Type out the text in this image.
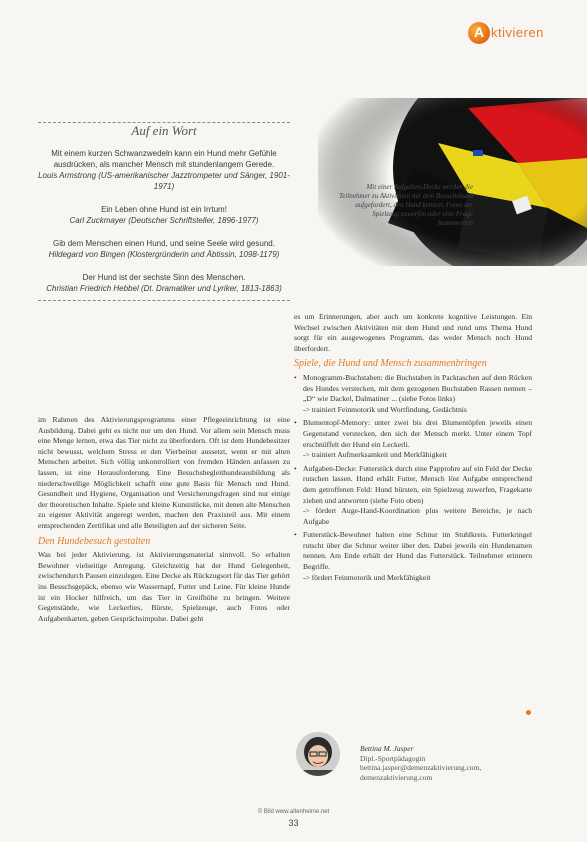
A ktivieren
Auf ein Wort
Mit einem kurzen Schwanzwedeln kann ein Hund mehr Gefühle ausdrücken, als mancher Mensch mit stundenlangem Gerede.
Louis Armstrong (US-amerikanischer Jazztrompeter und Sänger, 1901-1971)
Ein Leben ohne Hund ist ein Irrtum!
Carl Zuckmayer (Deutscher Schriftsteller, 1896-1977)
Gib dem Menschen einen Hund, und seine Seele wird gesund.
Hildegard von Bingen (Klostergründerin und Äbtissin, 1098-1179)
Der Hund ist der sechste Sinn des Menschen.
Christian Friedrich Hebbel (Dt. Dramatiker und Lyriker, 1813-1863)
Mit einer Aufgaben-Decke werden die Teilnehmer zu Aktivitäten mit dem Besuchshund aufgefordert, den Hund kennen, Fotos der Spielzeug zuwerfen oder eine Frage beantworten
im Rahmen des Aktivierungsprogramms einer Pflegeeinrichtung ist eine Ausbildung. Dabei geht es nicht nur um den Hund. Vor allem sein Mensch muss eine Menge lernen, etwa das Tier nicht zu überfordern. Oft ist dem Hundebesitzer nicht bewusst, welchem Stress er den Vierbeiner aussetzt, wenn er mit alten Menschen arbeitet. Sich völlig unkontrolliert von fremden Händen anfassen zu lassen, ist eine Herausforderung. Eine Besuchsbegleithundeausbildung als niederschwellige Möglichkeit schafft eine gute Basis für Mensch und Hund. Gesundheit und Hygiene, Organisation und Versicherungsfragen sind nur einige der theoretischen Inhalte. Spiele und kleine Kunststücke, mit denen alte Menschen zu eigener Aktivität angeregt werden, machen den Praxisteil aus. Mit einem entsprechenden Zertifikat und alle Beteiligten auf der sicheren Seite.
Den Hundebesuch gestalten
Was bei jeder Aktivierung, ist Aktivierungsmaterial sinnvoll. So erhalten Bewohner vielseitige Anregung. Gleichzeitig hat der Hund Gelegenheit, zwischendurch Pausen einzulegen. Eine Decke als Rückzugsort für das Tier gehört ins Besuchsgepäck, ebenso wie Wassernapf, Futter und Leine. Für kleine Hunde ist ein Hocker hilfreich, um das Tier in Greifhöhe zu bringen. Weitere Gegenstände, wie Leckerlies, Bürste, Spielzeuge, auch Fotos oder Aufgabenkarten, geben Gesprächsimpulse. Dabei geht
es um Erinnerungen, aber auch um konkrete kognitive Leistungen. Ein Wechsel zwischen Aktivitäten mit dem Hund und rund ums Thema Hund sorgt für ein ausgewogenes Programm, das weder Mensch noch Hund überfordert.
Spiele, die Hund und Mensch zusammenbringen
• Monogramm-Buchstaben: die Buchstaben in Packtaschen auf dem Rücken des Hundes verstecken, mit dem gezogenen Buchstaben Rassen nennen – „D“ wie Dackel, Dalmatiner ... (siehe Fotos links)
-> trainiert Feinmotorik und Wortfindung, Gedächtnis
• Blumentopf-Memory: unter zwei bis drei Blumentöpfen jeweils einen Gegenstand verstecken, den sich der Mensch merkt. Unter einem Topf erschnüffelt der Hund ein Leckerli.
-> trainiert Aufmerksamkeit und Merkfähigkeit
• Aufgaben-Decke: Futterstück durch eine Papprohre auf ein Feld der Decke rutschen lassen. Hund erhält Futter, Mensch löst Aufgabe entsprechend dem getroffenen Feld: Hund bürsten, ein Spielzeug zuwerfen, Fragekarte ziehen und antworten (siehe Foto oben)
-> fördert Auge-Hand-Koordination plus weitere Bereiche, je nach Aufgabe
• Futterstück-Bewohner halten eine Schnur im Stuhlkreis. Futterkringel rutscht über die Schnur weiter über den. Dabei jeweils ein Hundenamen nennen. Am Ende erhält der Hund das Futterstück. Teilnehmer erinnern Begriffe.
-> fördert Feinmotorik und Merkfähigkeit
Bettina M. Jasper
Dipl.-Sportpädagogin
bettina.jasper@demenzaktivierung.com,
demenzaktivierung.com
© Bild www.altenheime.net
33
